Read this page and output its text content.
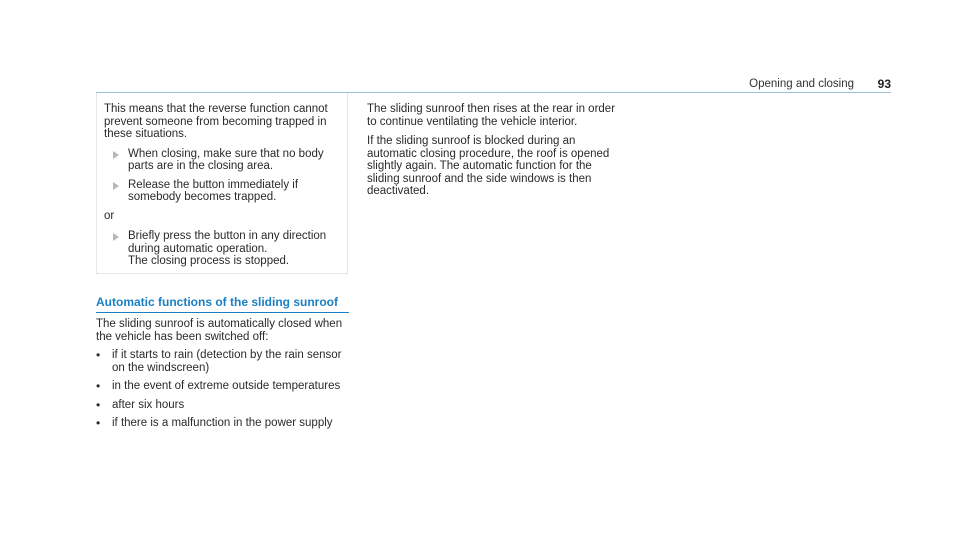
Opening and closing 93
This means that the reverse function cannot prevent someone from becoming trapped in these situations.
When closing, make sure that no body parts are in the closing area.
Release the button immediately if somebody becomes trapped.
or
Briefly press the button in any direction during automatic operation.
The closing process is stopped.
Automatic functions of the sliding sunroof
The sliding sunroof is automatically closed when the vehicle has been switched off:
•	if it starts to rain (detection by the rain sensor on the windscreen)
•	in the event of extreme outside temperatures
•	after six hours
•	if there is a malfunction in the power supply
The sliding sunroof then rises at the rear in order to continue ventilating the vehicle interior.
If the sliding sunroof is blocked during an automatic closing procedure, the roof is opened slightly again. The automatic function for the sliding sunroof and the side windows is then deactivated.
